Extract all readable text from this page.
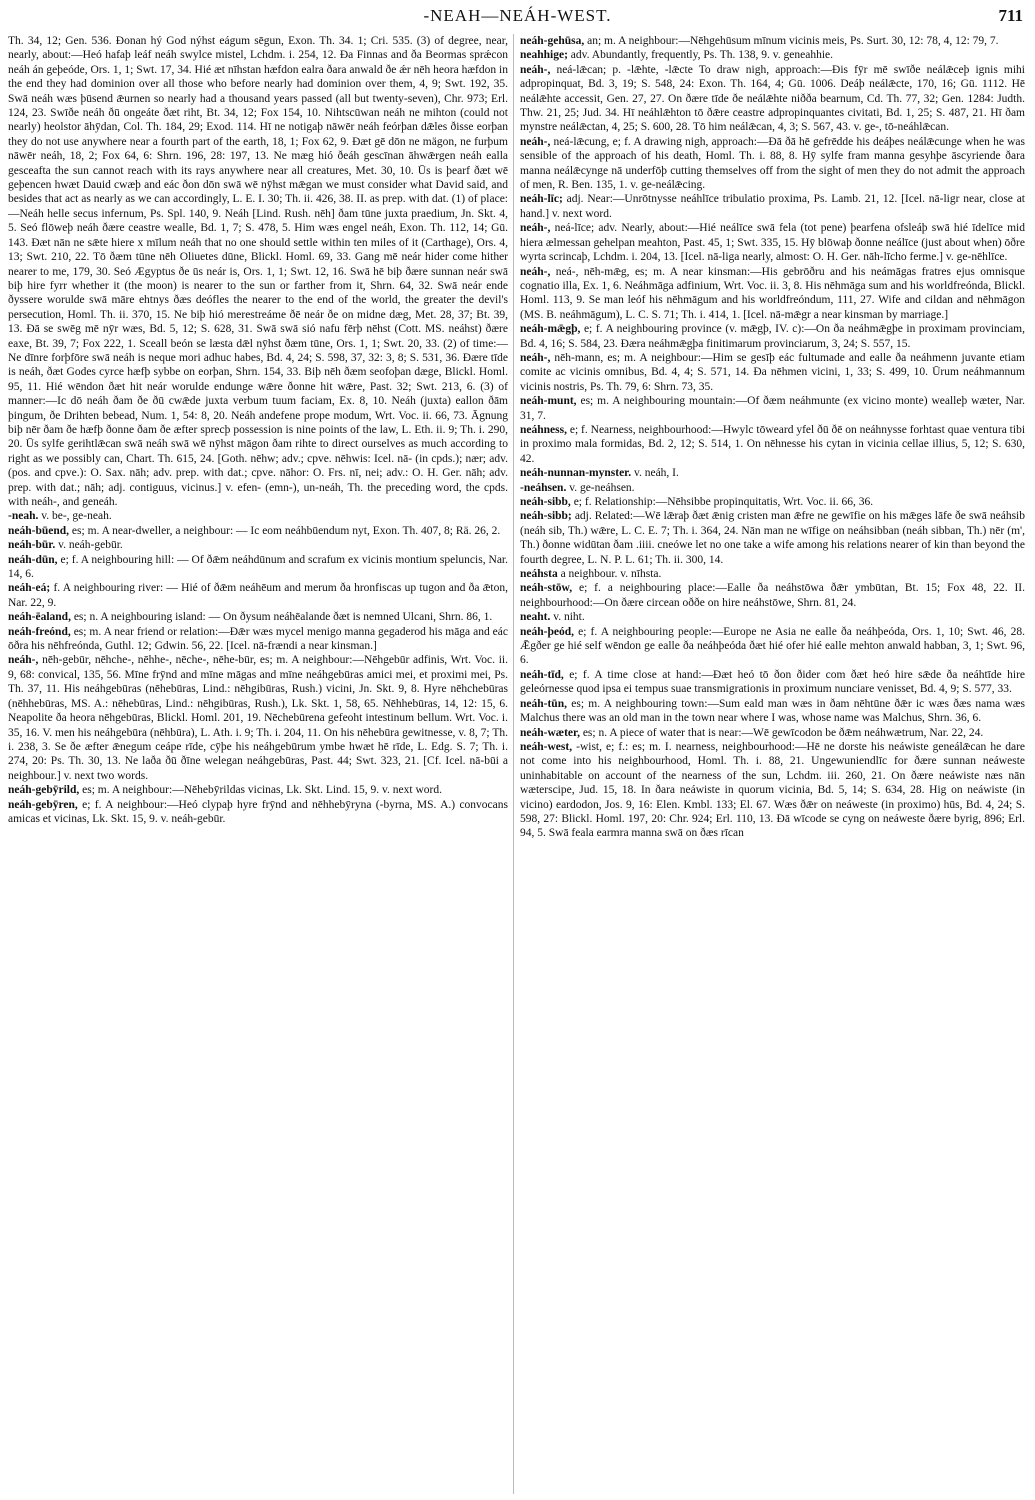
-NEAH—NEÁH-WEST.	711

Th. 34, 12; Gen. 536. Ðonan hý God nýhst eágum sēgun, Exon. Th. 34. 1; Cri. 535. (3) of degree, near, nearly, about:—Heó hafaþ leáf neáh swylce mistel, Lchdm. i. 254, 12. Ða Finnas and ða Beormas sprǽcon neáh án geþeóde, Ors. 1, 1; Swt. 17, 34. Hié æt nīhstan hæfdon ealra ðara anwald ðe ǽr nēh heora hæfdon in the end they had dominion over all those who before nearly had dominion over them, 4, 9; Swt. 192, 35. Swā neáh wæs þūsend ǣurnen so nearly had a thousand years passed (all but twenty-seven), Chr. 973; Erl. 124, 23. Swīðe neáh ðū ongeáte ðæt riht, Bt. 34, 12; Fox 154, 10. Nihtscūwan neáh ne mihton (could not nearly) heolstor āhȳdan, Col. Th. 184, 29; Exod. 114. Hī ne notigaþ nāwēr neáh feórþan dǣles ðisse eorþan they do not use anywhere near a fourth part of the earth, 18, 1; Fox 62, 9. Ðæt gē dōn ne mägon, ne furþum nāwēr neáh, 18, 2; Fox 64, 6: Shrn. 196, 28: 197, 13. Ne mæg hió ðeáh gescīnan āhwǣrgen neáh ealla gesceafta the sun cannot reach with its rays anywhere near all creatures, Met. 30, 10. Ūs is þearf ðæt wē geþencen hwæt Dauid cwæþ and eác ðon dōn swā wē nȳhst mǣgan we must consider what David said, and besides that act as nearly as we can accordingly, L. E. I. 30; Th. ii. 426, 38. II. as prep. with dat. (1) of place:—Neáh helle secus infernum, Ps. Spl. 140, 9. Neáh [Lind. Rush. nēh] ðam tūne juxta praedium, Jn. Skt. 4, 5. Seó flōweþ neáh ðære ceastre wealle, Bd. 1, 7; S. 478, 5. Him wæs engel neáh, Exon. Th. 112, 14; Gū. 143. Ðæt nān ne sǣte hiere x mīlum neáh that no one should settle within ten miles of it (Carthage), Ors. 4, 13; Swt. 210, 22. Tō ðæm tūne nēh Oliuetes dūne, Blickl. Homl. 69, 33. Gang mē neár hider come hither nearer to me, 179, 30. Seó Ægyptus ðe ūs neár is, Ors. 1, 1; Swt. 12, 16. Swā hē biþ ðære sunnan neár swā biþ hire fyrr whether it (the moon) is nearer to the sun or farther from it, Shrn. 64, 32. Swā neár ende ðyssere worulde swā māre ehtnys ðæs deófles the nearer to the end of the world, the greater the devil's persecution, Homl. Th. ii. 370, 15. Ne biþ hió merestreáme ðē neár ðe on midne dæg, Met. 28, 37; Bt. 39, 13. Ðā se swēg mē nȳr wæs, Bd. 5, 12; S. 628, 31. Swā swā sió nafu fērþ nēhst (Cott. MS. neáhst) ðære eaxe, Bt. 39, 7; Fox 222, 1. Sceall beón se læsta dǣl nȳhst ðæm tūne, Ors. 1, 1; Swt. 20, 33. (2) of time:—Ne dīnre forþfōre swā neáh is neque mori adhuc habes, Bd. 4, 24; S. 598, 37, 32: 3, 8; S. 531, 36. Ðære tīde is neáh, ðæt Godes cyrce hæfþ sybbe on eorþan, Shrn. 154, 33. Biþ nēh ðæm seofoþan dæge, Blickl. Homl. 95, 11. Hié wēndon ðæt hit neár worulde endunge wǣre ðonne hit wǣre, Past. 32; Swt. 213, 6. (3) of manner:—Ic dō neáh ðam ðe ðū cwǣde juxta verbum tuum faciam, Ex. 8, 10. Neáh (juxta) eallon ðām þingum, ðe Drihten bebead, Num. 1, 54: 8, 20. Neáh andefene prope modum, Wrt. Voc. ii. 66, 73. Āgnung biþ nēr ðam ðe hæfþ ðonne ðam ðe æfter sprecþ possession is nine points of the law, L. Eth. ii. 9; Th. i. 290, 20. Ūs sylfe gerihtlǣcan swā neáh swā wē nȳhst māgon ðam rihte to direct ourselves as much according to right as we possibly can, Chart. Th. 615, 24. [Goth. nēhw; adv.; cpve. nēhwis: Icel. nā- (in cpds.); nær; adv. (pos. and cpve.): O. Sax. nāh; adv. prep. with dat.; cpve. nāhor: O. Frs. nī, nei; adv.: O. H. Ger. nāh; adv. prep. with dat.; nāh; adj. contiguus, vicinus.] v. efen- (emn-), un-neáh, Th. the preceding word, the cpds. with neáh-, and geneáh.

-neah. v. be-, ge-neah.

neáh-būend, es; m. A near-dweller, a neighbour: — Ic eom neáhbūendum nyt, Exon. Th. 407, 8; Rä. 26, 2.

neáh-būr. v. neáh-gebūr.

neáh-dūn, e; f. A neighbouring hill: — Of ðǣm neáhdūnum and scrafum ex vicinis montium speluncis, Nar. 14, 6.

neáh-eá; f. A neighbouring river: — Hié of ðǣm neáhēum and merum ða hronfiscas up tugon and ða ǣton, Nar. 22, 9.

neáh-ēaland, es; n. A neighbouring island: — On ðysum neáhēalande ðæt is nemned Ulcani, Shrn. 86, 1.

neáh-freónd, es; m. A near friend or relation:—Ðǣr wæs mycel menigo manna gegaderod his māga and eác ōðra his nēhfreónda, Guthl. 12; Gdwin. 56, 22. [Icel. nā-frændi a near kinsman.]

neáh-, nēh-gebūr, nēhche-, nēhhe-, nēche-, nēhe-būr, es; m. A neighbour:—Nēhgebūr adfinis, Wrt. Voc. ii. 9, 68: convical, 135, 56. Mīne frȳnd and mīne māgas and mīne neáhgebūras amici mei, et proximi mei, Ps. Th. 37, 11. His neáhgebūras (nēhebūras, Lind.: nēhgibūras, Rush.) vicini, Jn. Skt. 9, 8. Hyre nēhchebūras (nēhhebūras, MS. A.: nēhebūras, Lind.: nēhgibūras, Rush.), Lk. Skt. 1, 58, 65. Nēhhebūras, 14, 12: 15, 6. Neapolite ða heora nēhgebūras, Blickl. Homl. 201, 19. Nēchebūrena gefeoht intestinum bellum. Wrt. Voc. i. 35, 16. V. men his neáhgebūra (nēhbūra), L. Ath. i. 9; Th. i. 204, 11. On his nēhebūra gewitnesse, v. 8, 7; Th. i. 238, 3. Se ðe æfter ǣnegum ceápe rīde, cȳþe his neáhgebūrum ymbe hwæt hē rīde, L. Edg. S. 7; Th. i. 274, 20: Ps. Th. 30, 13. Ne laða ðū ðīne welegan neáhgebūras, Past. 44; Swt. 323, 21. [Cf. Icel. nā-būi a neighbour.] v. next two words.

neáh-gebȳrild, es; m. A neighbour:—Nēhebȳrildas vicinas, Lk. Skt. Lind. 15, 9. v. next word.

neáh-gebȳren, e; f. A neighbour:—Heó clypaþ hyre frȳnd and nēhhebȳryna (-byrna, MS. A.) convocans amicas et vicinas, Lk. Skt. 15, 9. v. neáh-gebūr.

neáh-gehūsa, an; m. A neighbour:—Nēhgehūsum mīnum vicinis meis, Ps. Surt. 30, 12: 78, 4, 12: 79, 7.

neahhige; adv. Abundantly, frequently, Ps. Th. 138, 9. v. geneahhie.

neáh-, neá-lǣcan; p. -lǣhte, -lǣcte To draw nigh, approach:—Ðis fȳr mē swīðe neálǣceþ ignis mihi adpropinquat, Bd. 3, 19; S. 548, 24: Exon. Th. 164, 4; Gū. 1006. Deáþ neálǣcte, 170, 16; Gū. 1112. Hē neálǣhte accessit, Gen. 27, 27. On ðære tīde ðe neálǣhte niðða bearnum, Cd. Th. 77, 32; Gen. 1284: Judth. Thw. 21, 25; Jud. 34. Hī neáhlǣhton tō ðǣre ceastre adpropinquantes civitati, Bd. 1, 25; S. 487, 21. Hī ðam mynstre neálǣctan, 4, 25; S. 600, 28. Tō him neálǣcan, 4, 3; S. 567, 43. v. ge-, tō-neáhlǣcan.

neáh-, neá-lǣcung, e; f. A drawing nigh, approach:—Ðā ðā hē gefrēdde his deáþes neálǣcunge when he was sensible of the approach of his death, Homl. Th. i. 88, 8. Hȳ sylfe fram manna gesyhþe āscyriende ðara manna neálǣcynge nā underfōþ cutting themselves off from the sight of men they do not admit the approach of men, R. Ben. 135, 1. v. ge-neálǣcing.

neáh-līc; adj. Near:—Unrōtnysse neáhlīce tribulatio proxima, Ps. Lamb. 21, 12. [Icel. nā-ligr near, close at hand.] v. next word.

neáh-, neá-līce; adv. Nearly, about:—Hié neálīce swā fela (tot pene) þearfena ofsleáþ swā hié īdelīce mid hiera ælmessan gehelpan meahton, Past. 45, 1; Swt. 335, 15. Hȳ blōwaþ ðonne neálīce (just about when) ōðre wyrta scrincaþ, Lchdm. i. 204, 13. [Icel. nā-liga nearly, almost: O. H. Ger. nāh-līcho ferme.] v. ge-nēhlīce.

neáh-, neá-, nēh-mǣg, es; m. A near kinsman:—His gebrōðru and his neámāgas fratres ejus omnisque cognatio illa, Ex. 1, 6. Neáhmāga adfinium, Wrt. Voc. ii. 3, 8. His nēhmāga sum and his worldfreónda, Blickl. Homl. 113, 9. Se man leóf his nēhmāgum and his worldfreóndum, 111, 27. Wife and cildan and nēhmāgon (MS. B. neáhmāgum), L. C. S. 71; Th. i. 414, 1. [Icel. nā-mǣgr a near kinsman by marriage.]

neáh-mǣgþ, e; f. A neighbouring province (v. mǣgþ, IV. c):—On ða neáhmǣgþe in proximam provinciam, Bd. 4, 16; S. 584, 23. Ðæra neáhmǣgþa finitimarum provinciarum, 3, 24; S. 557, 15.

neáh-, nēh-mann, es; m. A neighbour:—Him se gesīþ eác fultumade and ealle ða neáhmenn juvante etiam comite ac vicinis omnibus, Bd. 4, 4; S. 571, 14. Ða nēhmen vicini, 1, 33; S. 499, 10. Ūrum neáhmannum vicinis nostris, Ps. Th. 79, 6: Shrn. 73, 35.

neáh-munt, es; m. A neighbouring mountain:—Of ðæm neáhmunte (ex vicino monte) wealleþ wæter, Nar. 31, 7.

neáhness, e; f. Nearness, neighbourhood:—Hwylc tōweard yfel ðū ðē on neáhnysse forhtast quae ventura tibi in proximo mala formidas, Bd. 2, 12; S. 514, 1. On nēhnesse his cytan in vicinia cellae illius, 5, 12; S. 630, 42.

neáh-nunnan-mynster. v. neáh, I.

-neáhsen. v. ge-neáhsen.

neáh-sibb, e; f. Relationship:—Nēhsibbe propinquitatis, Wrt. Voc. ii. 66, 36.

neáh-sibb; adj. Related:—Wē lǣraþ ðæt ǣnig cristen man ǣfre ne gewīfie on his mǣges lāfe ðe swā neáhsib (neáh sib, Th.) wǣre, L. C. E. 7; Th. i. 364, 24. Nān man ne wīfige on neáhsibban (neáh sibban, Th.) nēr (m', Th.) ðonne widūtan ðam .iiii. cneówe let no one take a wife among his relations nearer of kin than beyond the fourth degree, L. N. P. L. 61; Th. ii. 300, 14.

neáhsta a neighbour. v. nīhsta.

neáh-stōw, e; f. a neighbouring place:—Ealle ða neáhstōwa ðǣr ymbūtan, Bt. 15; Fox 48, 22. II. neighbourhood:—On ðære circean oððe on hire neáhstōwe, Shrn. 81, 24.

neaht. v. niht.

neáh-þeód, e; f. A neighbouring people:—Europe ne Asia ne ealle ða neáhþeóda, Ors. 1, 10; Swt. 46, 28. Ǣgðer ge hié self wēndon ge ealle ða neáhþeóda ðæt hié ofer hié ealle mehton anwald habban, 3, 1; Swt. 96, 6.

neáh-tīd, e; f. A time close at hand:—Ðæt heó tō ðon ðider com ðæt heó hire sǣde ða neáhtīde hire geleórnesse quod ipsa ei tempus suae transmigrationis in proximum nunciare venisset, Bd. 4, 9; S. 577, 33.

neáh-tūn, es; m. A neighbouring town:—Sum eald man wæs in ðam nēhtūne ðǣr ic wæs ðæs nama wæs Malchus there was an old man in the town near where I was, whose name was Malchus, Shrn. 36, 6.

neáh-wæter, es; n. A piece of water that is near:—Wē gewīcodon be ðǣm neáhwætrum, Nar. 22, 24.

neáh-west, -wist, e; f.: es; m. I. nearness, neighbourhood:—Hē ne dorste his neáwiste geneálǣcan he dare not come into his neighbourhood, Homl. Th. i. 88, 21. Ungewuniendlīc for ðære sunnan neáweste uninhabitable on account of the nearness of the sun, Lchdm. iii. 260, 21. On ðære neáwiste næs nān wæterscipe, Jud. 15, 18. In ðara neáwiste in quorum vicinia, Bd. 5, 14; S. 634, 28. Hig on neáwiste (in vicino) eardodon, Jos. 9, 16: Elen. Kmbl. 133; El. 67. Wæs ðǣr on neáweste (in proximo) hūs, Bd. 4, 24; S. 598, 27: Blickl. Homl. 197, 20: Chr. 924; Erl. 110, 13. Ðā wīcode se cyng on neáweste ðære byrig, 896; Erl. 94, 5. Swā feala earmra manna swā on ðæs rīcan
